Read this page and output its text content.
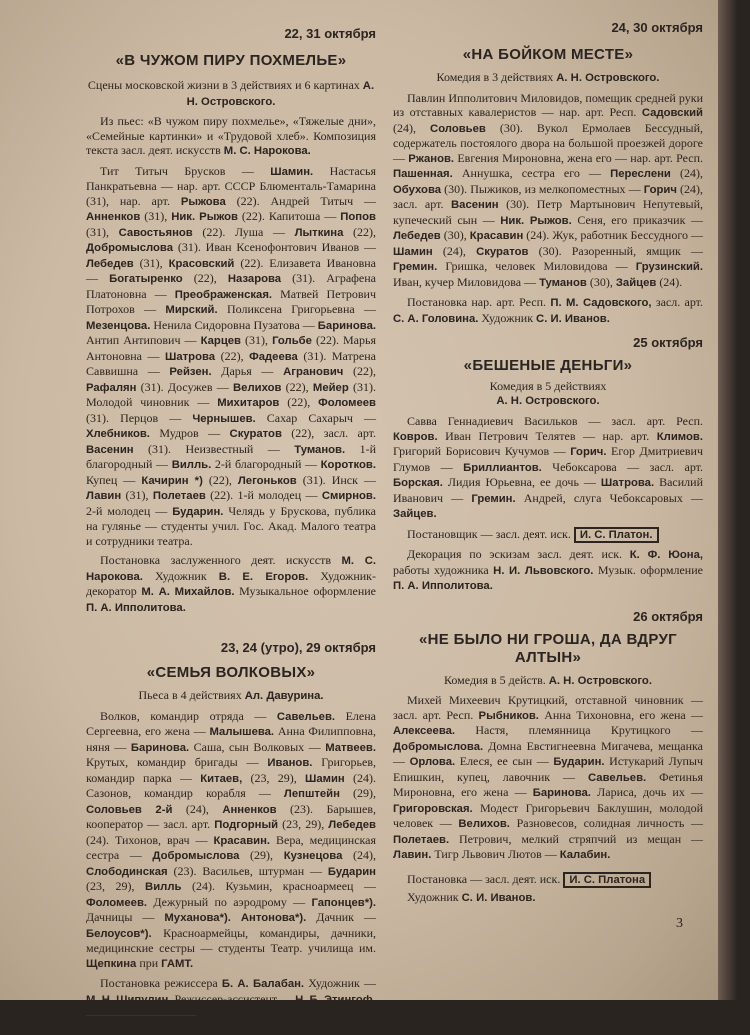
22, 31 октября

«В ЧУЖОМ ПИРУ ПОХМЕЛЬЕ»

Сцены московской жизни в 3 действиях и 6 картинах А. Н. Островского.

Из пьес: «В чужом пиру похмелье», «Тяжелые дни», «Семейные картинки» и «Трудовой хлеб». Композиция текста засл. деят. искусств М. С. Нарокова.

Тит Титыч Брусков — Шамин. Настасья Панкратьевна — нар. арт. СССР Блюменталь-Тамарина (31), нар. арт. Рыжова (22). Андрей Титыч — Анненков (31), Ник. Рыжов (22). Капитоша — Попов (31), Савостьянов (22). Луша — Лыткина (22), Добромыслова (31). Иван Ксенофонтович Иванов — Лебедев (31), Красовский (22). Елизавета Ивановна — Богатыренко (22), Назарова (31). Аграфена Платоновна — Преображенская. Матвей Петрович Потрохов — Мирский. Поликсена Григорьевна — Мезенцова. Ненила Сидоровна Пузатова — Баринова. Антип Антипович — Карцев (31), Гольбе (22). Марья Антоновна — Шатрова (22), Фадеева (31). Матрена Саввишна — Рейзен. Дарья — Агранович (22), Рафалян (31). Досужев — Велихов (22), Мейер (31). Молодой чиновник — Михитаров (22), Фоломеев (31). Перцов — Чернышев. Сахар Сахарыч — Хлебников. Мудров — Скуратов (22), засл. арт. Васенин (31). Неизвестный — Туманов. 1-й благородный — Вилль. 2-й благородный — Коротков. Купец — Качирин *) (22), Легоньков (31). Инск — Лавин (31), Полетаев (22). 1-й молодец — Смирнов. 2-й молодец — Бударин. Челядь у Брускова, публика на гулянье — студенты учил. Гос. Акад. Малого театра и сотрудники театра.

Постановка заслуженного деят. искусств М. С. Нарокова. Художник В. Е. Егоров. Художник-декоратор М. А. Михайлов. Музыкальное оформление П. А. Ипполитова.

23, 24 (утро), 29 октября

«СЕМЬЯ ВОЛКОВЫХ»

Пьеса в 4 действиях Ал. Давурина.

Волков, командир отряда — Савельев. Елена Сергеевна, его жена — Малышева. Анна Филипповна, няня — Баринова. Саша, сын Волковых — Матвеев. Крутых, командир бригады — Иванов. Григорьев, командир парка — Китаев, (23, 29), Шамин (24). Сазонов, командир корабля — Лепштейн (29), Соловьев 2-й (24), Анненков (23). Барышев, кооператор — засл. арт. Подгорный (23, 29), Лебедев (24). Тихонов, врач — Красавин. Вера, медицинская сестра — Добромыслова (29), Кузнецова (24), Слободинская (23). Васильев, штурман — Бударин (23, 29), Вилль (24). Кузьмин, красноармеец — Фоломеев. Дежурный по аэродрому — Гапонцев*). Дачницы — Муханова*). Антонова*). Дачник — Белоусов*). Красноармейцы, командиры, дачники, медицинские сестры — студенты Театр. училища им. Щепкина при ГАМТ.

Постановка режиссера Б. А. Балабан. Художник — М. Н. Шипулин. Режиссер-ассистент — Н. Б. Этингоф.

*) Студ. уч. ГАМТ.

24, 30 октября

«НА БОЙКОМ МЕСТЕ»

Комедия в 3 действиях А. Н. Островского.

Павлин Ипполитович Миловидов, помещик средней руки из отставных кавалеристов — нар. арт. Респ. Садовский (24), Соловьев (30). Вукол Ермолаев Бессудный, содержатель постоялого двора на большой проезжей дороге — Ржанов. Евгения Мироновна, жена его — нар. арт. Респ. Пашенная. Аннушка, сестра его — Переслени (24), Обухова (30). Пыжиков, из мелкопоместных — Горич (24), засл. арт. Васенин (30). Петр Мартынович Непутевый, купеческий сын — Ник. Рыжов. Сеня, его приказчик — Лебедев (30), Красавин (24). Жук, работник Бессудного — Шамин (24), Скуратов (30). Разоренный, ямщик — Гремин. Гришка, человек Миловидова — Грузинский. Иван, кучер Миловидова — Туманов (30), Зайцев (24).

Постановка нар. арт. Респ. П. М. Садовского, засл. арт. С. А. Головина. Художник С. И. Иванов.

25 октября

«БЕШЕНЫЕ ДЕНЬГИ»

Комедия в 5 действиях

А. Н. Островского.

Савва Геннадиевич Васильков — засл. арт. Респ. Ковров. Иван Петрович Телятев — нар. арт. Климов. Григорий Борисович Кучумов — Горич. Егор Дмитриевич Глумов — Бриллиантов. Чебоксарова — засл. арт. Борская. Лидия Юрьевна, ее дочь — Шатрова. Василий Иванович — Гремин. Андрей, слуга Чебоксаровых — Зайцев.

Постановщик — засл. деят. иск. И. С. Платон.

Декорация по эскизам засл. деят. иск. К. Ф. Юона, работы художника Н. И. Львовского. Музык. оформление П. А. Ипполитова.

26 октября

«НЕ БЫЛО НИ ГРОША, ДА ВДРУГ АЛТЫН»

Комедия в 5 действ. А. Н. Островского.

Михей Михеевич Крутицкий, отставной чиновник — засл. арт. Респ. Рыбников. Анна Тихоновна, его жена — Алексеева. Настя, племянница Крутицкого — Добромыслова. Домна Евстигнеевна Мигачева, мещанка — Орлова. Елеся, ее сын — Бударин. Истукарий Лупыч Епишкин, купец, лавочник — Савельев. Фетинья Мироновна, его жена — Баринова. Лариса, дочь их — Григоровская. Модест Григорьевич Баклушин, молодой человек — Велихов. Разновесов, солидная личность — Полетаев. Петрович, мелкий стряпчий из мещан — Лавин. Тигр Львович Лютов — Калабин.

Постановка — засл. деят. иск. И. С. Платона

Художник С. И. Иванов.

3
